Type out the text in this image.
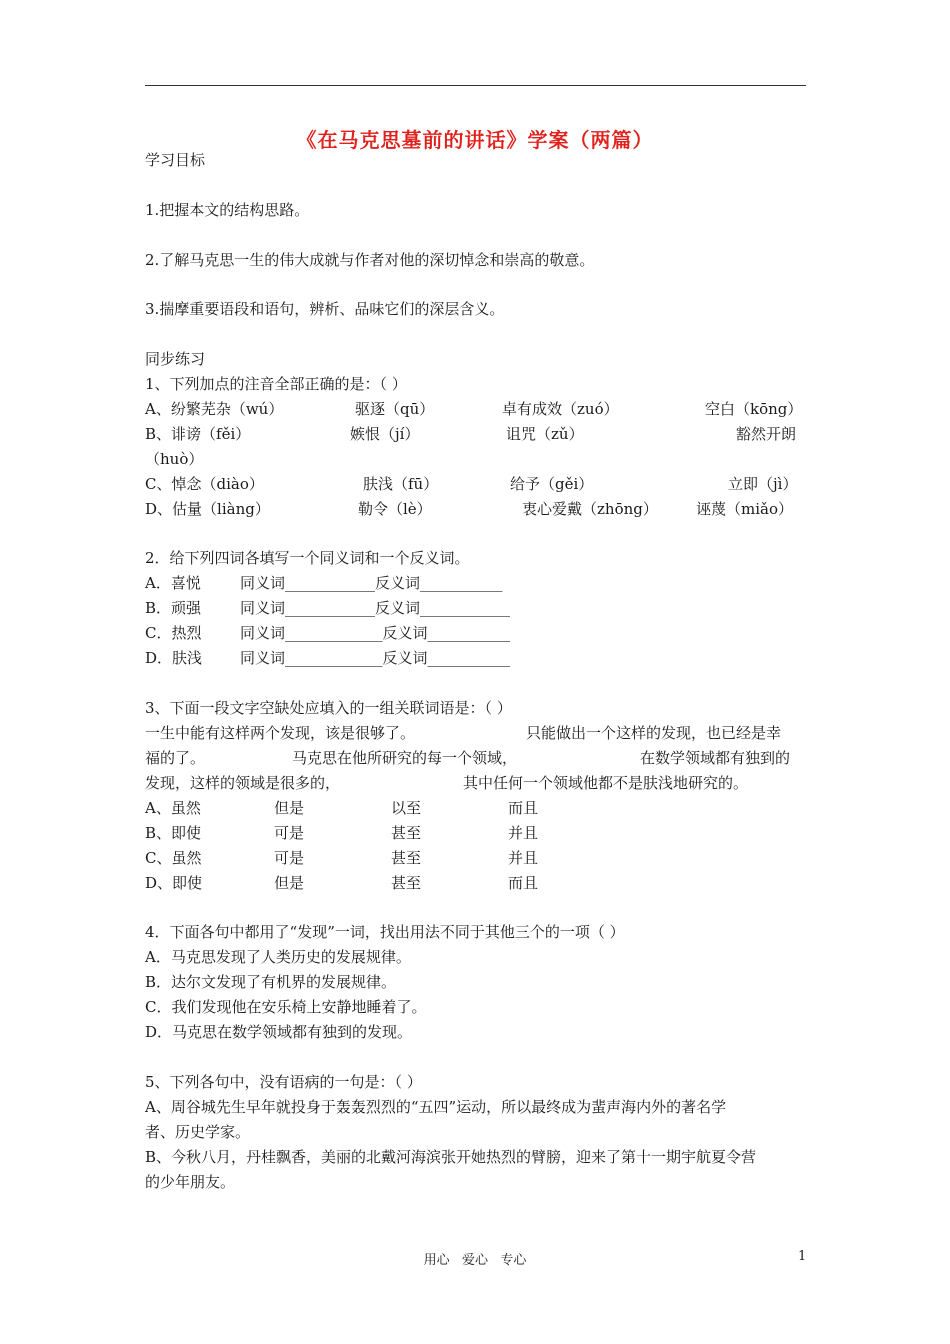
《在马克思墓前的讲话》学案（两篇）
学习目标
1.把握本文的结构思路。
2.了解马克思一生的伟大成就与作者对他的深切悼念和崇高的敬意。
3.揣摩重要语段和语句，辨析、品味它们的深层含义。
同步练习
1、下列加点的注音全部正确的是：（ ）
A、纷繁芜杂（wú）	驱逐（qū）	卓有成效（zuó）	空白（kōng）
B、诽谤（fěi）	嫉恨（jí）	诅咒（zǔ）	豁然开朗
（huò）
C、悼念（diào）	肤浅（fū）	给予（gěi）	立即（jì）
D、估量（liàng）	勒令（lè）	衷心爱戴（zhōng）	诬蔑（miǎo）
2．给下列四词各填写一个同义词和一个反义词。
A．喜悦	同义词____________反义词___________
B．顽强	同义词____________反义词____________
C．热烈	同义词_____________反义词___________
D．肤浅	同义词_____________反义词___________
3、下面一段文字空缺处应填入的一组关联词语是：（ ）
一生中能有这样两个发现，该是很够了。	只能做出一个这样的发现，也已经是幸
福的了。	马克思在他所研究的每一个领域，	在数学领域都有独到的
发现，这样的领域是很多的，	其中任何一个领域他都不是肤浅地研究的。
A、虽然	但是	以至	而且
B、即使	可是	甚至	并且
C、虽然	可是	甚至	并且
D、即使	但是	甚至	而且
4．下面各句中都用了“发现”一词，找出用法不同于其他三个的一项（ ）
A．马克思发现了人类历史的发展规律。
B．达尔文发现了有机界的发展规律。
C．我们发现他在安乐椅上安静地睡着了。
D．马克思在数学领域都有独到的发现。
5、下列各句中，没有语病的一句是：（ ）
A、周谷城先生早年就投身于轰轰烈烈的“五四”运动，所以最终成为蜚声海内外的著名学
者、历史学家。
B、今秋八月，丹桂飘香，美丽的北戴河海滨张开她热烈的臂膀，迎来了第十一期宇航夏令营
的少年朋友。
用心   爱心   专心	1
